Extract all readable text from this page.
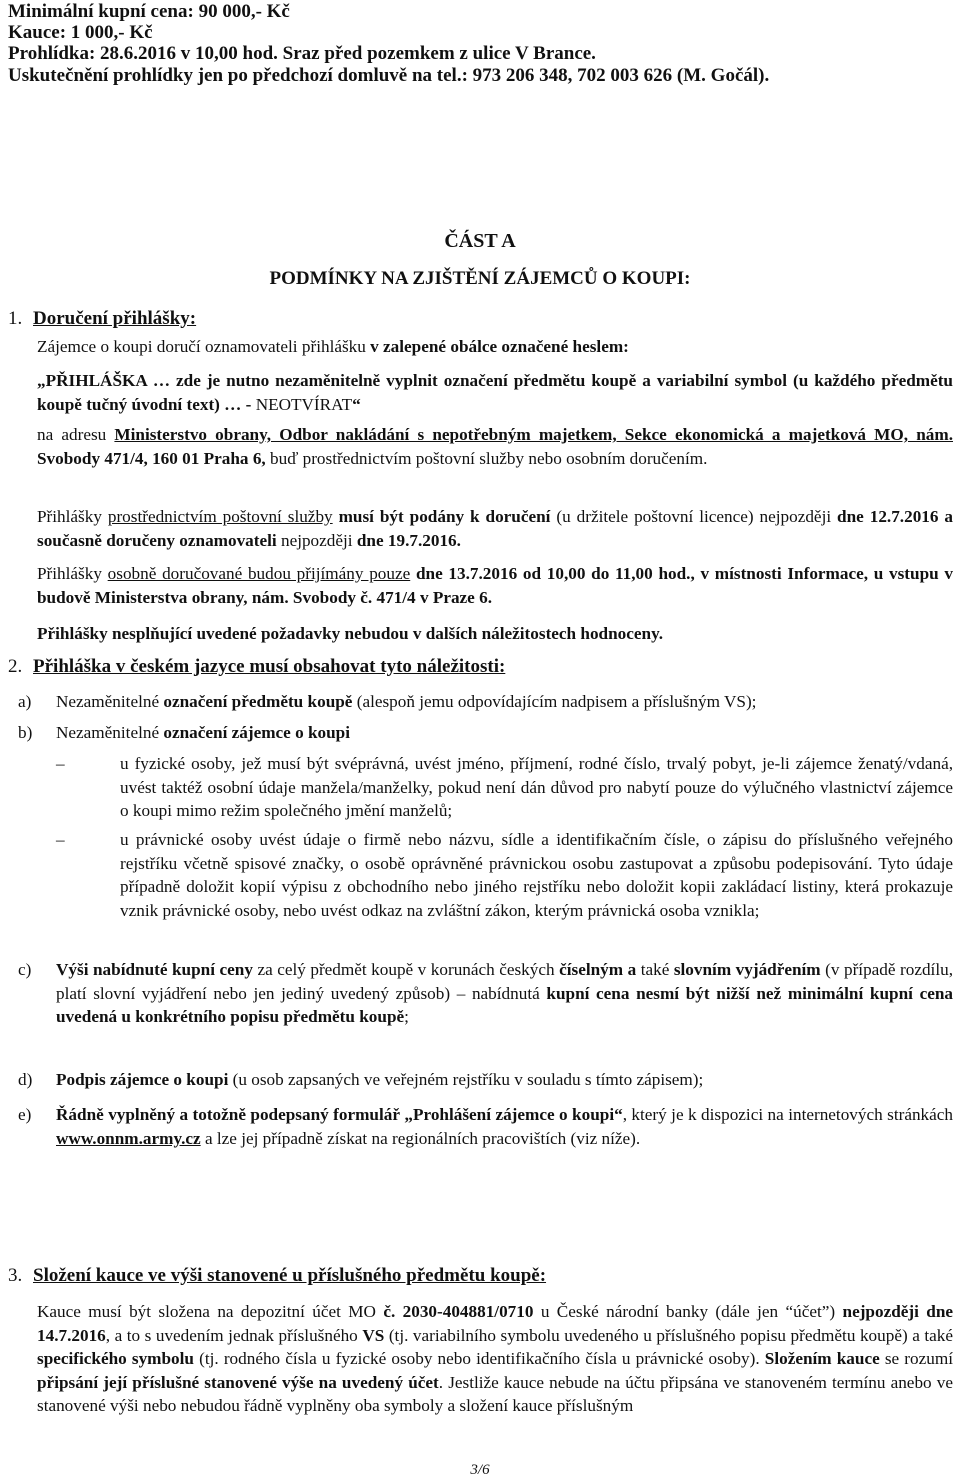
Minimální kupní cena: 90 000,- Kč
Kauce: 1 000,- Kč
Prohlídka: 28.6.2016 v 10,00 hod. Sraz před pozemkem z ulice V Brance.
Uskutečnění prohlídky jen po předchozí domluvě na tel.: 973 206 348, 702 003 626 (M. Gočál).
ČÁST A
PODMÍNKY NA ZJIŠTĚNÍ ZÁJEMCŮ O KOUPI:
1. Doručení přihlášky:
Zájemce o koupi doručí oznamovateli přihlášku v zalepené obálce označené heslem:
„PŘIHLÁŠKA … zde je nutno nezaměnitelně vyplnit označení předmětu koupě a variabilní symbol (u každého předmětu koupě tučný úvodní text) … - NEOTVÍRAT“
na adresu Ministerstvo obrany, Odbor nakládání s nepotřebným majetkem, Sekce ekonomická a majetková MO, nám. Svobody 471/4, 160 01 Praha 6, buď prostřednictvím poštovní služby nebo osobním doručením.
Přihlášky prostřednictvím poštovní služby musí být podány k doručení (u držitele poštovní licence) nejpozději dne 12.7.2016 a současně doručeny oznamovateli nejpozději dne 19.7.2016.
Přihlášky osobně doručované budou přijímány pouze dne 13.7.2016 od 10,00 do 11,00 hod., v místnosti Informace, u vstupu v budově Ministerstva obrany, nám. Svobody č. 471/4 v Praze 6.
Přihlášky nesplňující uvedené požadavky nebudou v dalších náležitostech hodnoceny.
2. Přihláška v českém jazyce musí obsahovat tyto náležitosti:
a) Nezaměnitelné označení předmětu koupě (alespoň jemu odpovídajícím nadpisem a příslušným VS);
b) Nezaměnitelné označení zájemce o koupi
–	u fyzické osoby, jež musí být svéprávná, uvést jméno, příjmení, rodné číslo, trvalý pobyt, je-li zájemce ženatý/vdaná, uvést taktéž osobní údaje manžela/manželky, pokud není dán důvod pro nabytí pouze do výlučného vlastnictví zájemce o koupi mimo režim společného jmění manželů;
–	u právnické osoby uvést údaje o firmě nebo názvu, sídle a identifikačním čísle, o zápisu do příslušného veřejného rejstříku včetně spisové značky, o osobě oprávněné právnickou osobu zastupovat a způsobu podepisování. Tyto údaje případně doložit kopií výpisu z obchodního nebo jiného rejstříku nebo doložit kopii zakládací listiny, která prokazuje vznik právnické osoby, nebo uvést odkaz na zvláštní zákon, kterým právnická osoba vznikla;
c) Výši nabídnuté kupní ceny za celý předmět koupě v korunách českých číselným a také slovním vyjádřením (v případě rozdílu, platí slovní vyjádření nebo jen jediný uvedený způsob) – nabídnutá kupní cena nesmí být nižší než minimální kupní cena uvedená u konkrétního popisu předmětu koupě;
d) Podpis zájemce o koupi (u osob zapsaných ve veřejném rejstříku v souladu s tímto zápisem);
e) Řádně vyplněný a totožně podepsaný formulář „Prohlášení zájemce o koupi“, který je k dispozici na internetových stránkách www.onnm.army.cz a lze jej případně získat na regionálních pracovištích (viz níže).
3. Složení kauce ve výši stanovené u příslušného předmětu koupě:
Kauce musí být složena na depozitní účet MO č. 2030-404881/0710 u České národní banky (dále jen “účet”) nejpozději dne 14.7.2016, a to s uvedením jednak příslušného VS (tj. variabilního symbolu uvedeného u příslušného popisu předmětu koupě) a také specifického symbolu (tj. rodného čísla u fyzické osoby nebo identifikačního čísla u právnické osoby). Složením kauce se rozumí připsání její příslušné stanovené výše na uvedený účet. Jestliže kauce nebude na účtu připsána ve stanoveném termínu anebo ve stanovené výši nebo nebudou řádně vyplněny oba symboly a složení kauce příslušným
3/6
